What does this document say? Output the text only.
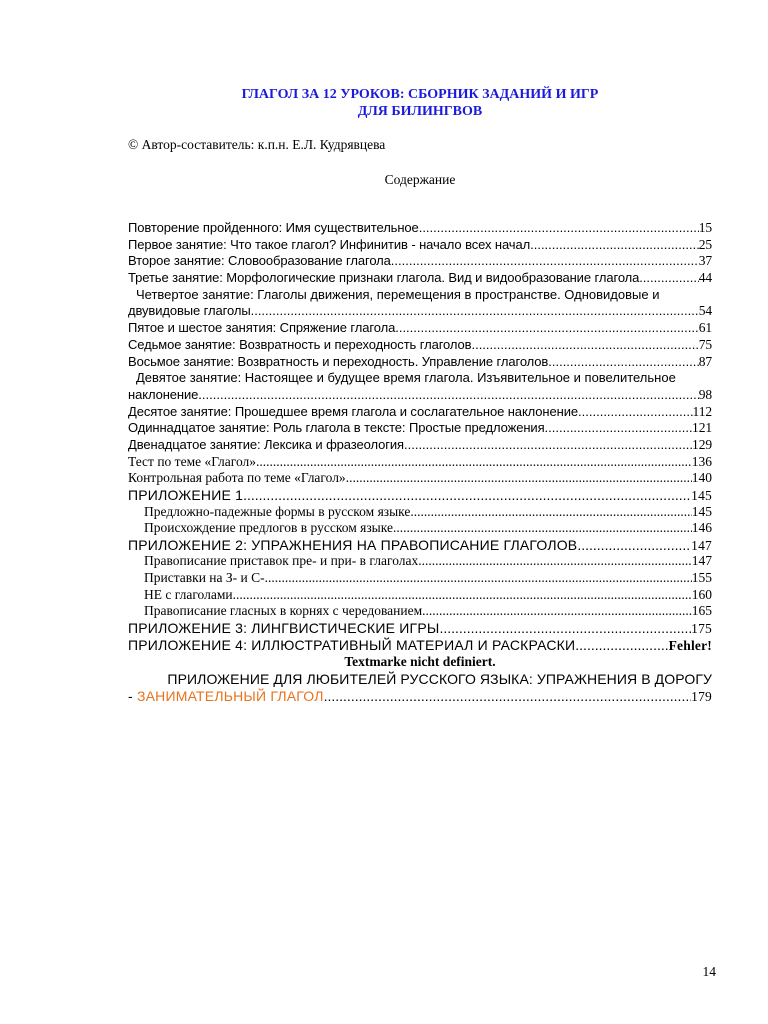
ГЛАГОЛ ЗА 12 УРОКОВ: СБОРНИК ЗАДАНИЙ И ИГР
ДЛЯ БИЛИНГВОВ
© Автор-составитель: к.п.н. Е.Л. Кудрявцева
Содержание
Повторение пройденного: Имя существительное .....	15
Первое занятие: Что такое глагол? Инфинитив - начало всех начал .....	25
Второе занятие: Словообразование глагола .....	37
Третье занятие: Морфологические признаки глагола. Вид и видообразование глагола. .....	44
Четвертое занятие: Глаголы движения, перемещения в пространстве. Одновидовые и
двувидовые глаголы .....	54
Пятое и шестое занятия: Спряжение глагола .....	61
Седьмое занятие: Возвратность и переходность глаголов .....	75
Восьмое занятие: Возвратность и переходность. Управление глаголов .....	87
Девятое занятие: Настоящее и будущее время глагола. Изъявительное и повелительное
наклонение .....	98
Десятое занятие: Прошедшее время глагола и сослагательное наклонение .....	112
Одиннадцатое занятие: Роль глагола в тексте: Простые предложения .....	121
Двенадцатое занятие: Лексика и фразеология .....	129
Тест по теме «Глагол» .....	136
Контрольная работа по теме «Глагол» .....	140
ПРИЛОЖЕНИЕ 1 .....	145
Предложно-падежные формы в русском языке .....	145
Происхождение предлогов в русском языке .....	146
ПРИЛОЖЕНИЕ 2: УПРАЖНЕНИЯ НА ПРАВОПИСАНИЕ ГЛАГОЛОВ .....	147
Правописание приставок пре- и при- в глаголах .....	147
Приставки на З- и С- .....	155
НЕ с глаголами .....	160
Правописание гласных в корнях с чередованием .....	165
ПРИЛОЖЕНИЕ 3: ЛИНГВИСТИЧЕСКИЕ ИГРЫ .....	175
ПРИЛОЖЕНИЕ 4: ИЛЛЮСТРАТИВНЫЙ МАТЕРИАЛ И РАСКРАСКИ .....	Fehler!
Textmarke nicht definiert.
ПРИЛОЖЕНИЕ ДЛЯ ЛЮБИТЕЛЕЙ РУССКОГО ЯЗЫКА: УПРАЖНЕНИЯ В ДОРОГУ
- ЗАНИМАТЕЛЬНЫЙ ГЛАГОЛ .....	179
14
